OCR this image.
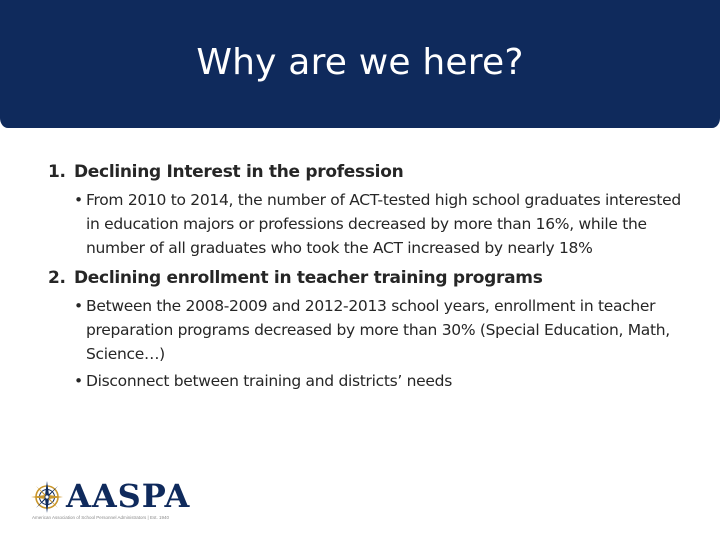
Why are we here?
1. Declining Interest in the profession
• From 2010 to 2014, the number of ACT-tested high school graduates interested in education majors or professions decreased by more than 16%, while the number of all graduates who took the ACT increased by nearly 18%
2. Declining enrollment in teacher training programs
• Between the 2008-2009 and 2012-2013 school years, enrollment in teacher preparation programs decreased by more than 30% (Special Education, Math, Science…)
• Disconnect between training and districts’ needs
AASPA
American Association of School Personnel Administrators | Est. 1940
